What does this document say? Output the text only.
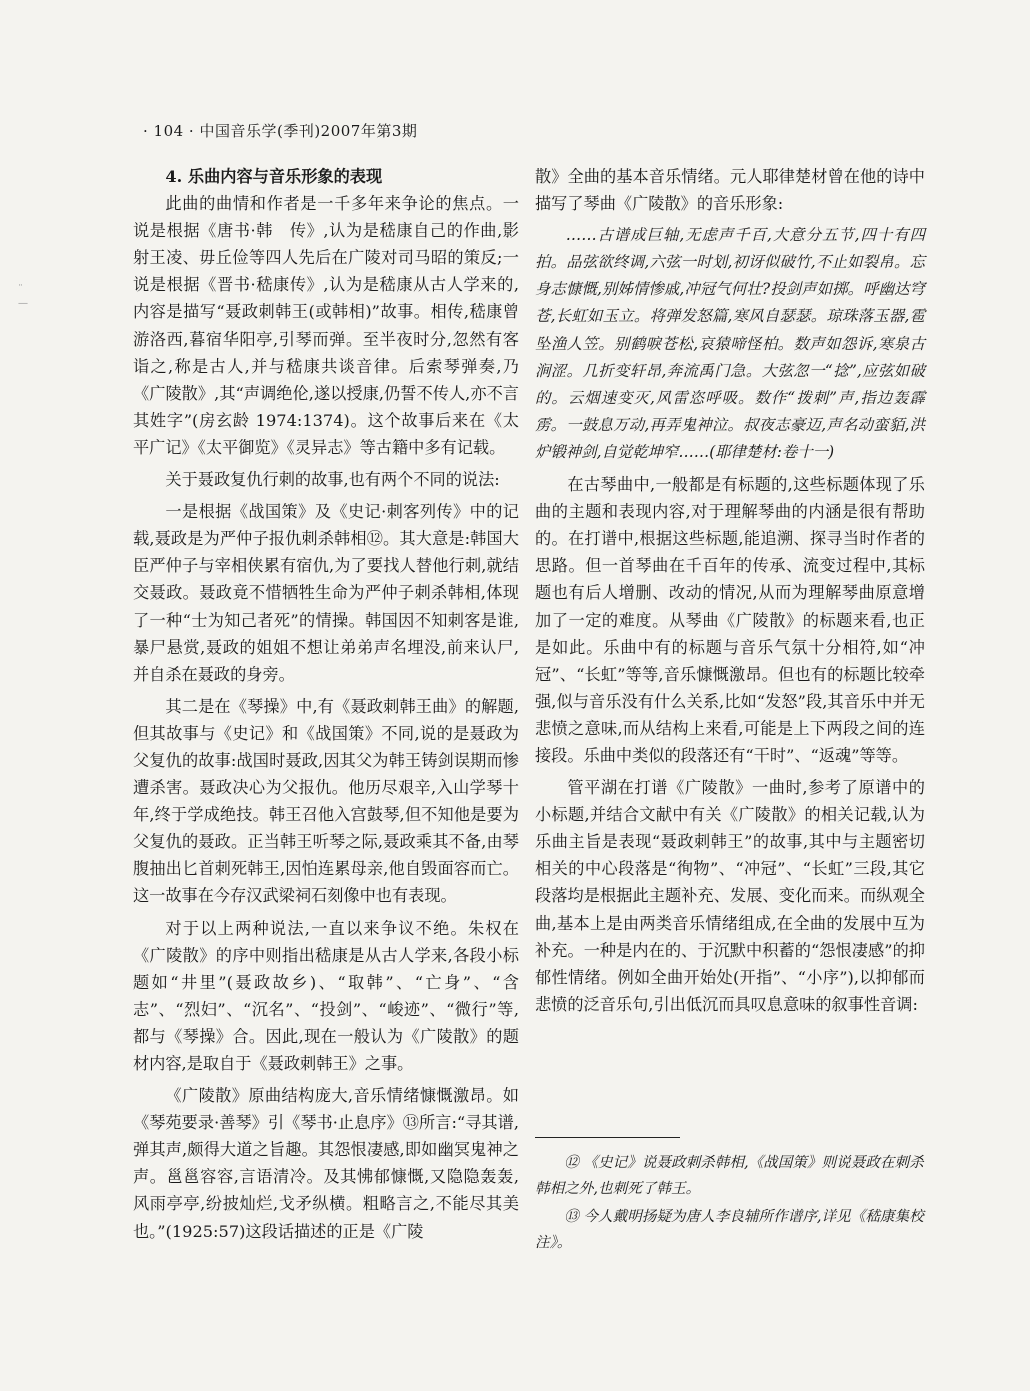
¨
—
· 104 · 中国音乐学(季刊)2007年第3期
4. 乐曲内容与音乐形象的表现

此曲的曲情和作者是一千多年来争论的焦点。一说是根据《唐书·韩　传》,认为是嵇康自己的作曲,影射王凌、毋丘俭等四人先后在广陵对司马昭的策反;一说是根据《晋书·嵇康传》,认为是嵇康从古人学来的,内容是描写“聂政刺韩王(或韩相)”故事。相传,嵇康曾游洛西,暮宿华阳亭,引琴而弹。至半夜时分,忽然有客诣之,称是古人,并与嵇康共谈音律。后索琴弹奏,乃《广陵散》,其“声调绝伦,遂以授康,仍誓不传人,亦不言其姓字”(房玄龄 1974:1374)。这个故事后来在《太平广记》《太平御览》《灵异志》等古籍中多有记载。

关于聂政复仇行刺的故事,也有两个不同的说法:

一是根据《战国策》及《史记·刺客列传》中的记载,聂政是为严仲子报仇刺杀韩相⑫。其大意是:韩国大臣严仲子与宰相侠累有宿仇,为了要找人替他行刺,就结交聂政。聂政竟不惜牺牲生命为严仲子刺杀韩相,体现了一种“士为知己者死”的情操。韩国因不知刺客是谁,暴尸悬赏,聂政的姐姐不想让弟弟声名埋没,前来认尸,并自杀在聂政的身旁。

其二是在《琴操》中,有《聂政刺韩王曲》的解题,但其故事与《史记》和《战国策》不同,说的是聂政为父复仇的故事:战国时聂政,因其父为韩王铸剑误期而惨遭杀害。聂政决心为父报仇。他历尽艰辛,入山学琴十年,终于学成绝技。韩王召他入宫鼓琴,但不知他是要为父复仇的聂政。正当韩王听琴之际,聂政乘其不备,由琴腹抽出匕首刺死韩王,因怕连累母亲,他自毁面容而亡。这一故事在今存汉武梁祠石刻像中也有表现。

对于以上两种说法,一直以来争议不绝。朱权在《广陵散》的序中则指出嵇康是从古人学来,各段小标题如“井里”(聂政故乡)、“取韩”、“亡身”、“含志”、“烈妇”、“沉名”、“投剑”、“峻迹”、“微行”等,都与《琴操》合。因此,现在一般认为《广陵散》的题材内容,是取自于《聂政刺韩王》之事。

《广陵散》原曲结构庞大,音乐情绪慷慨激昂。如《琴苑要录·善琴》引《琴书·止息序》⑬所言:“寻其谱,弹其声,颇得大道之旨趣。其怨恨凄感,即如幽冥鬼神之声。邕邕容容,言语清冷。及其怫郁慷慨,又隐隐轰轰,风雨亭亭,纷披灿烂,戈矛纵横。粗略言之,不能尽其美也。”(1925:57)这段话描述的正是《广陵

散》全曲的基本音乐情绪。元人耶律楚材曾在他的诗中描写了琴曲《广陵散》的音乐形象:

……古谱成巨轴,无虑声千百,大意分五节,四十有四拍。品弦欲终调,六弦一时划,初讶似破竹,不止如裂帛。忘身志慷慨,别姊情惨戚,冲冠气何壮?投剑声如掷。呼幽达穹苍,长虹如玉立。将弹发怒篇,寒风自瑟瑟。琼珠落玉器,雹坠渔人笠。别鹤唳苍松,哀猿啼怪柏。数声如怨诉,寒泉古涧涩。几折变轩昂,奔流禹门急。大弦忽一“捻”,应弦如破的。云烟速变灭,风雷恣呼吸。数作“拨刺”声,指边轰霹雳。一鼓息万动,再弄鬼神泣。叔夜志豪迈,声名动蛮貊,洪炉锻神剑,自觉乾坤窄……(耶律楚材:卷十一)

在古琴曲中,一般都是有标题的,这些标题体现了乐曲的主题和表现内容,对于理解琴曲的内涵是很有帮助的。在打谱中,根据这些标题,能追溯、探寻当时作者的思路。但一首琴曲在千百年的传承、流变过程中,其标题也有后人增删、改动的情况,从而为理解琴曲原意增加了一定的难度。从琴曲《广陵散》的标题来看,也正是如此。乐曲中有的标题与音乐气氛十分相符,如“冲冠”、“长虹”等等,音乐慷慨激昂。但也有的标题比较牵强,似与音乐没有什么关系,比如“发怒”段,其音乐中并无悲愤之意味,而从结构上来看,可能是上下两段之间的连接段。乐曲中类似的段落还有“干时”、“返魂”等等。

管平湖在打谱《广陵散》一曲时,参考了原谱中的小标题,并结合文献中有关《广陵散》的相关记载,认为乐曲主旨是表现“聂政刺韩王”的故事,其中与主题密切相关的中心段落是“徇物”、“冲冠”、“长虹”三段,其它段落均是根据此主题补充、发展、变化而来。而纵观全曲,基本上是由两类音乐情绪组成,在全曲的发展中互为补充。一种是内在的、于沉默中积蓄的“怨恨凄感”的抑郁性情绪。例如全曲开始处(开指”、“小序”),以抑郁而悲愤的泛音乐句,引出低沉而具叹息意味的叙事性音调:

⑫ 《史记》说聂政刺杀韩相,《战国策》则说聂政在刺杀韩相之外,也刺死了韩王。

⑬ 今人戴明扬疑为唐人李良辅所作谱序,详见《嵇康集校注》。
